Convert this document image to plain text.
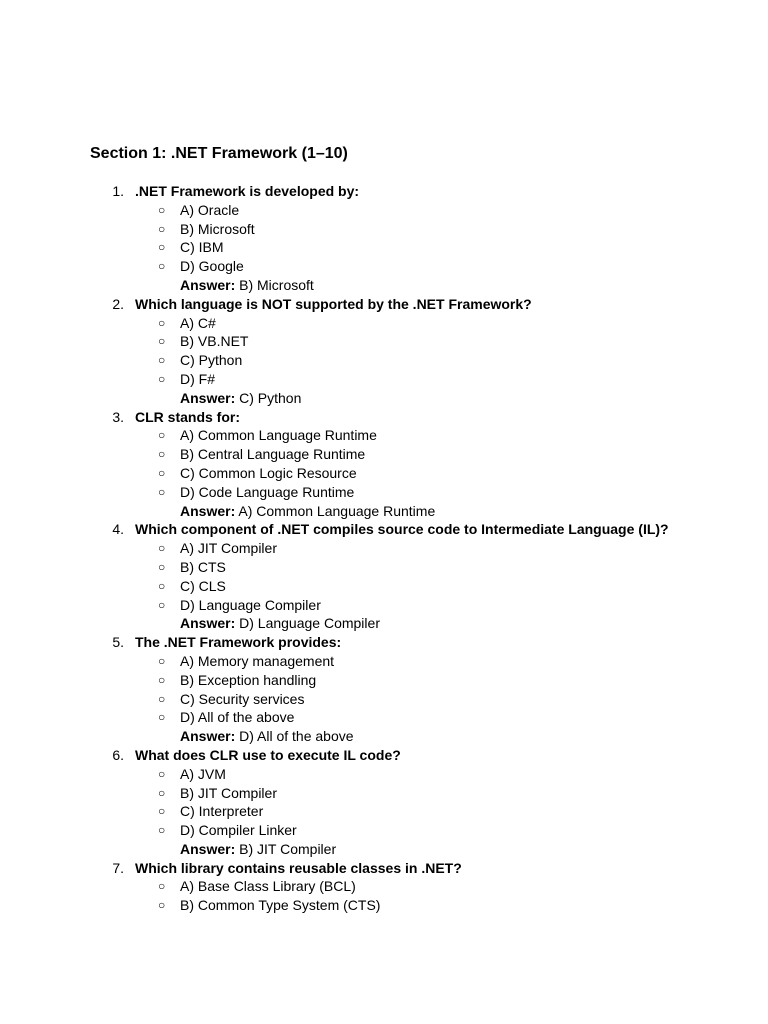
Section 1: .NET Framework (1–10)
1. .NET Framework is developed by:
○ A) Oracle
○ B) Microsoft
○ C) IBM
○ D) Google
Answer: B) Microsoft
2. Which language is NOT supported by the .NET Framework?
○ A) C#
○ B) VB.NET
○ C) Python
○ D) F#
Answer: C) Python
3. CLR stands for:
○ A) Common Language Runtime
○ B) Central Language Runtime
○ C) Common Logic Resource
○ D) Code Language Runtime
Answer: A) Common Language Runtime
4. Which component of .NET compiles source code to Intermediate Language (IL)?
○ A) JIT Compiler
○ B) CTS
○ C) CLS
○ D) Language Compiler
Answer: D) Language Compiler
5. The .NET Framework provides:
○ A) Memory management
○ B) Exception handling
○ C) Security services
○ D) All of the above
Answer: D) All of the above
6. What does CLR use to execute IL code?
○ A) JVM
○ B) JIT Compiler
○ C) Interpreter
○ D) Compiler Linker
Answer: B) JIT Compiler
7. Which library contains reusable classes in .NET?
○ A) Base Class Library (BCL)
○ B) Common Type System (CTS)
